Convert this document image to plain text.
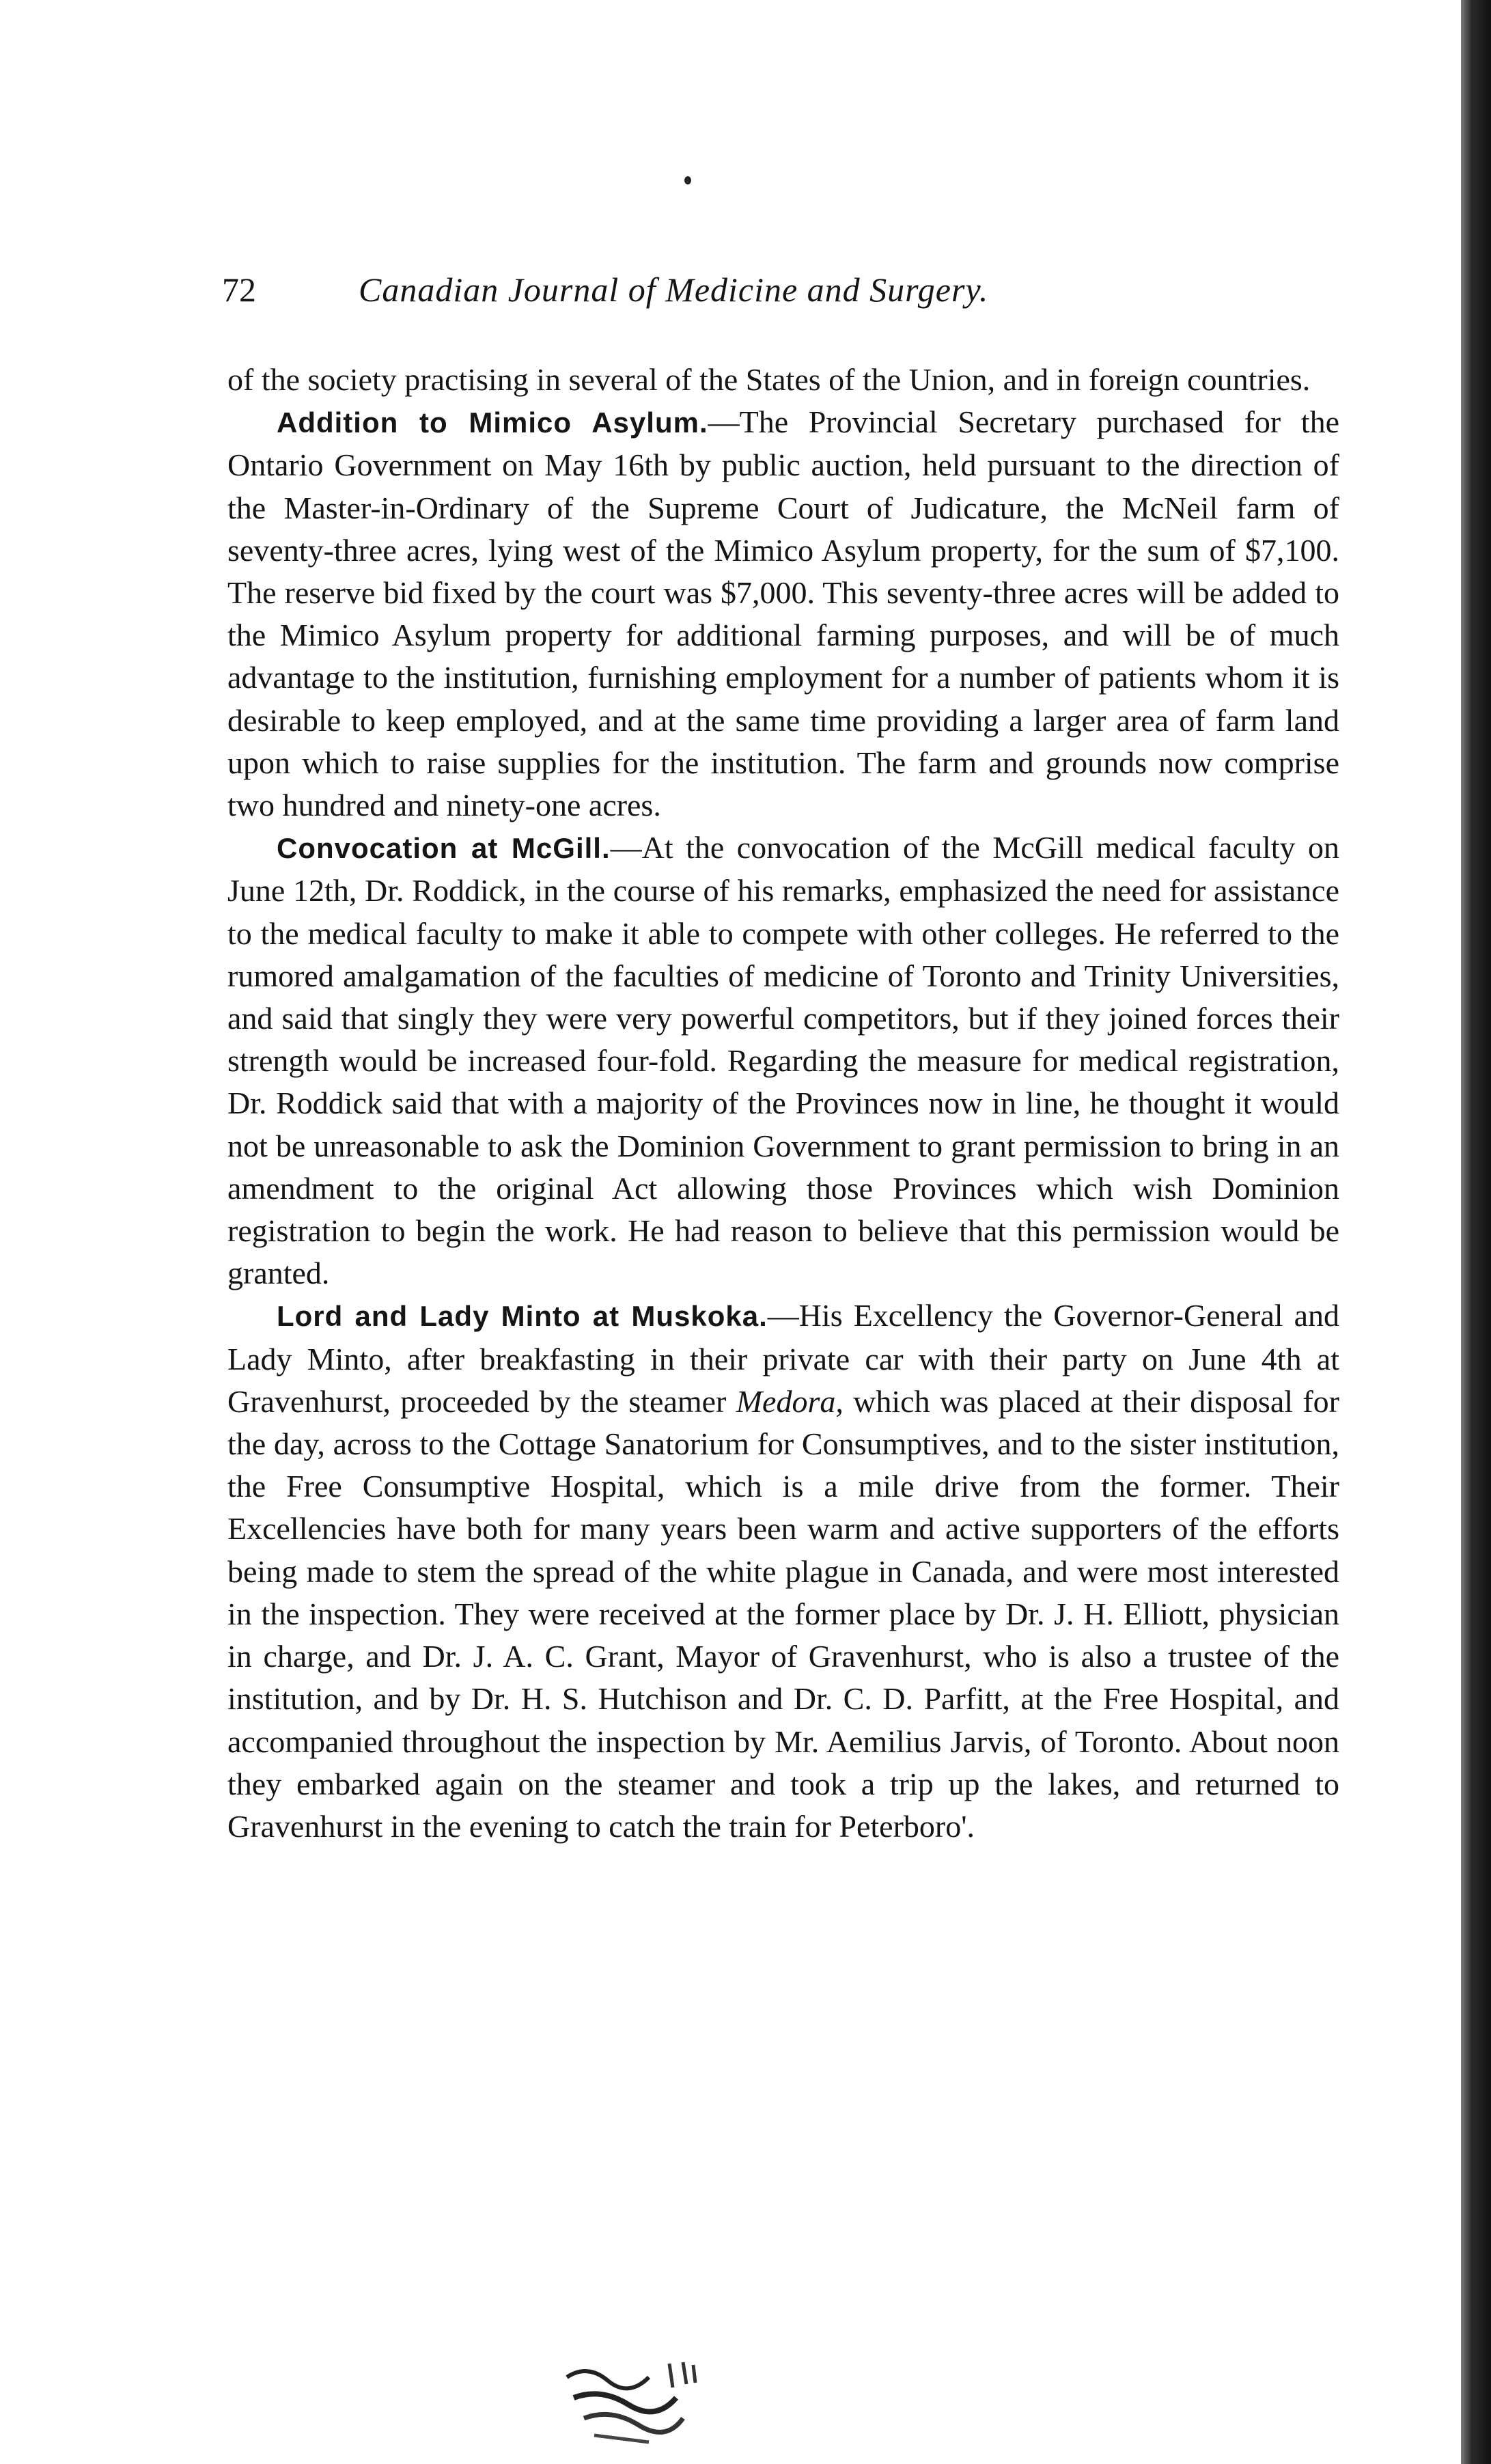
72	Canadian Journal of Medicine and Surgery.

of the society practising in several of the States of the Union, and in foreign countries.

Addition to Mimico Asylum.—The Provincial Secretary purchased for the Ontario Government on May 16th by public auction, held pursuant to the direction of the Master-in-Ordinary of the Supreme Court of Judicature, the McNeil farm of seventy-three acres, lying west of the Mimico Asylum property, for the sum of $7,100. The reserve bid fixed by the court was $7,000. This seventy-three acres will be added to the Mimico Asylum property for additional farming purposes, and will be of much advantage to the institution, furnishing employment for a number of patients whom it is desirable to keep employed, and at the same time providing a larger area of farm land upon which to raise supplies for the institution. The farm and grounds now comprise two hundred and ninety-one acres.

Convocation at McGill.—At the convocation of the McGill medical faculty on June 12th, Dr. Roddick, in the course of his remarks, emphasized the need for assistance to the medical faculty to make it able to compete with other colleges. He referred to the rumored amalgamation of the faculties of medicine of Toronto and Trinity Universities, and said that singly they were very powerful competitors, but if they joined forces their strength would be increased four-fold. Regarding the measure for medical registration, Dr. Roddick said that with a majority of the Provinces now in line, he thought it would not be unreasonable to ask the Dominion Government to grant permission to bring in an amendment to the original Act allowing those Provinces which wish Dominion registration to begin the work. He had reason to believe that this permission would be granted.

Lord and Lady Minto at Muskoka.—His Excellency the Governor-General and Lady Minto, after breakfasting in their private car with their party on June 4th at Gravenhurst, proceeded by the steamer Medora, which was placed at their disposal for the day, across to the Cottage Sanatorium for Consumptives, and to the sister institution, the Free Consumptive Hospital, which is a mile drive from the former. Their Excellencies have both for many years been warm and active supporters of the efforts being made to stem the spread of the white plague in Canada, and were most interested in the inspection. They were received at the former place by Dr. J. H. Elliott, physician in charge, and Dr. J. A. C. Grant, Mayor of Gravenhurst, who is also a trustee of the institution, and by Dr. H. S. Hutchison and Dr. C. D. Parfitt, at the Free Hospital, and accompanied throughout the inspection by Mr. Aemilius Jarvis, of Toronto. About noon they embarked again on the steamer and took a trip up the lakes, and returned to Gravenhurst in the evening to catch the train for Peterboro'.
